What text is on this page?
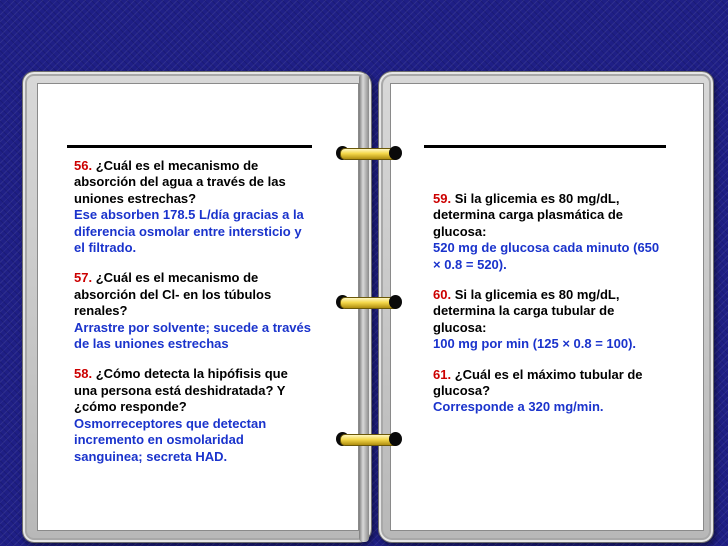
56. ¿Cuál es el mecanismo de absorción del agua a través de las uniones estrechas?
Ese absorben 178.5 L/día gracias a la diferencia osmolar entre intersticio y el filtrado.
57. ¿Cuál es el mecanismo de absorción del Cl- en los túbulos renales?
Arrastre por solvente; sucede a través de las uniones estrechas
58. ¿Cómo detecta la hipófisis que una persona está deshidratada? Y ¿cómo responde?
Osmorreceptores que detectan incremento en osmolaridad sanguinea; secreta HAD.
59. Si la glicemia es 80 mg/dL, determina carga plasmática de glucosa:
520 mg de glucosa cada minuto (650 × 0.8 = 520).
60. Si la glicemia es 80 mg/dL, determina la carga tubular de glucosa:
100 mg por min (125 × 0.8 = 100).
61. ¿Cuál es el máximo tubular de glucosa?
Corresponde a 320 mg/min.
